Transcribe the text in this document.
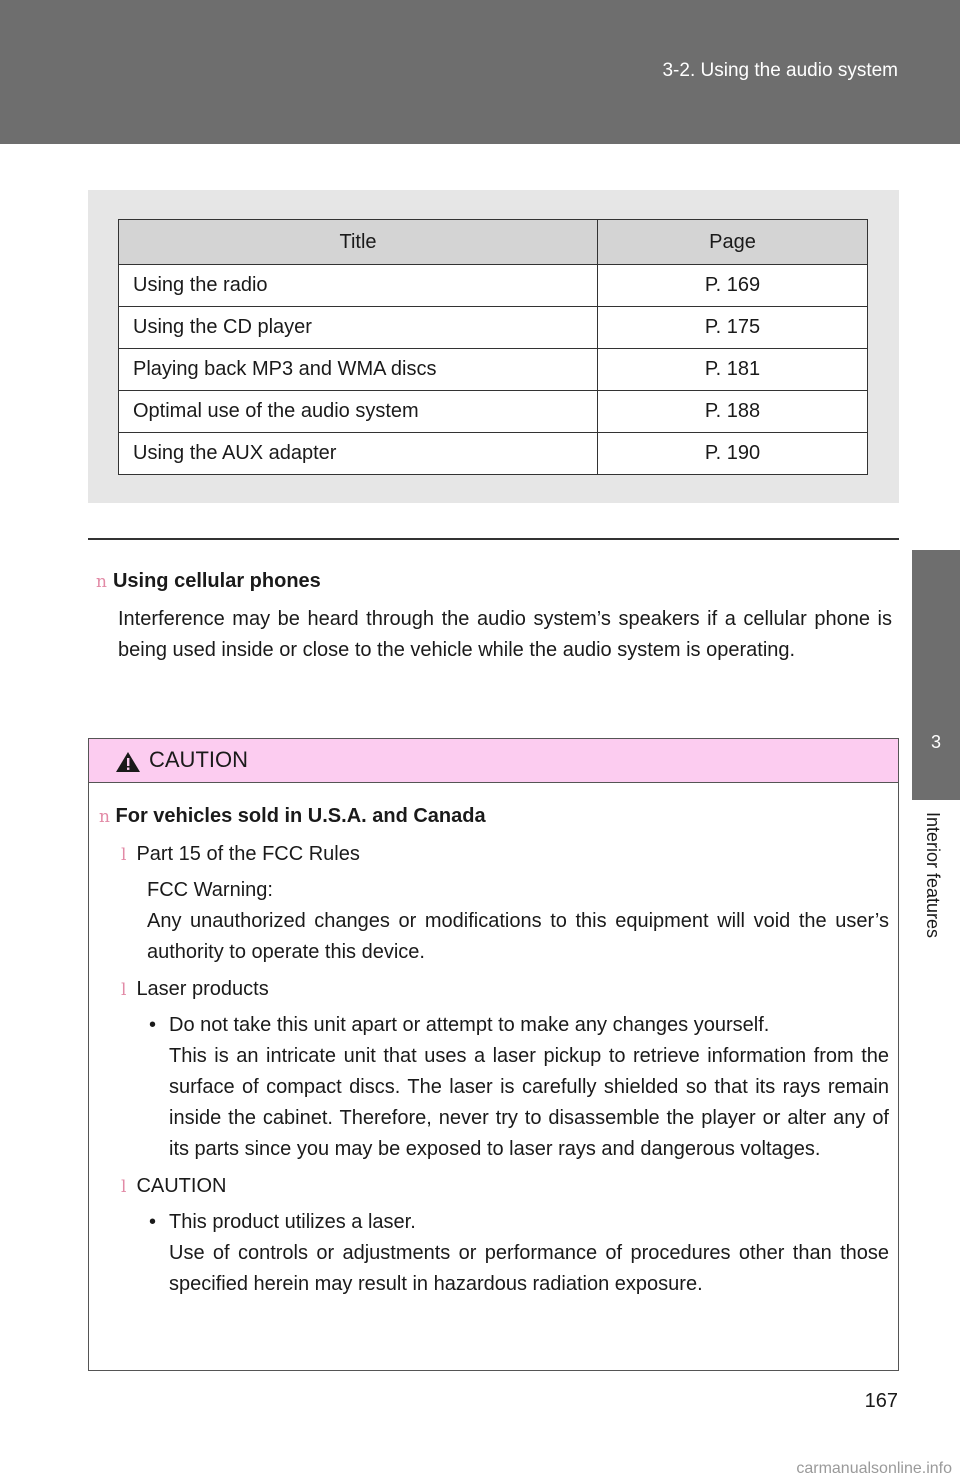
3-2. Using the audio system
3
Interior features
Title	Page
Using the radio	P. 169
Using the CD player	P. 175
Playing back MP3 and WMA discs	P. 181
Optimal use of the audio system	P. 188
Using the AUX adapter	P. 190
n Using cellular phones

Interference may be heard through the audio system’s speakers if a cellular phone is being used inside or close to the vehicle while the audio system is operating.

CAUTION
n For vehicles sold in U.S.A. and Canada
l Part 15 of the FCC Rules
FCC Warning:
Any unauthorized changes or modifications to this equipment will void the user’s authority to operate this device.
l Laser products
• Do not take this unit apart or attempt to make any changes yourself.
This is an intricate unit that uses a laser pickup to retrieve information from the surface of compact discs. The laser is carefully shielded so that its rays remain inside the cabinet. Therefore, never try to disassemble the player or alter any of its parts since you may be exposed to laser rays and dangerous voltages.
l CAUTION
• This product utilizes a laser.
Use of controls or adjustments or performance of procedures other than those specified herein may result in hazardous radiation exposure.
167
carmanualsonline.info
